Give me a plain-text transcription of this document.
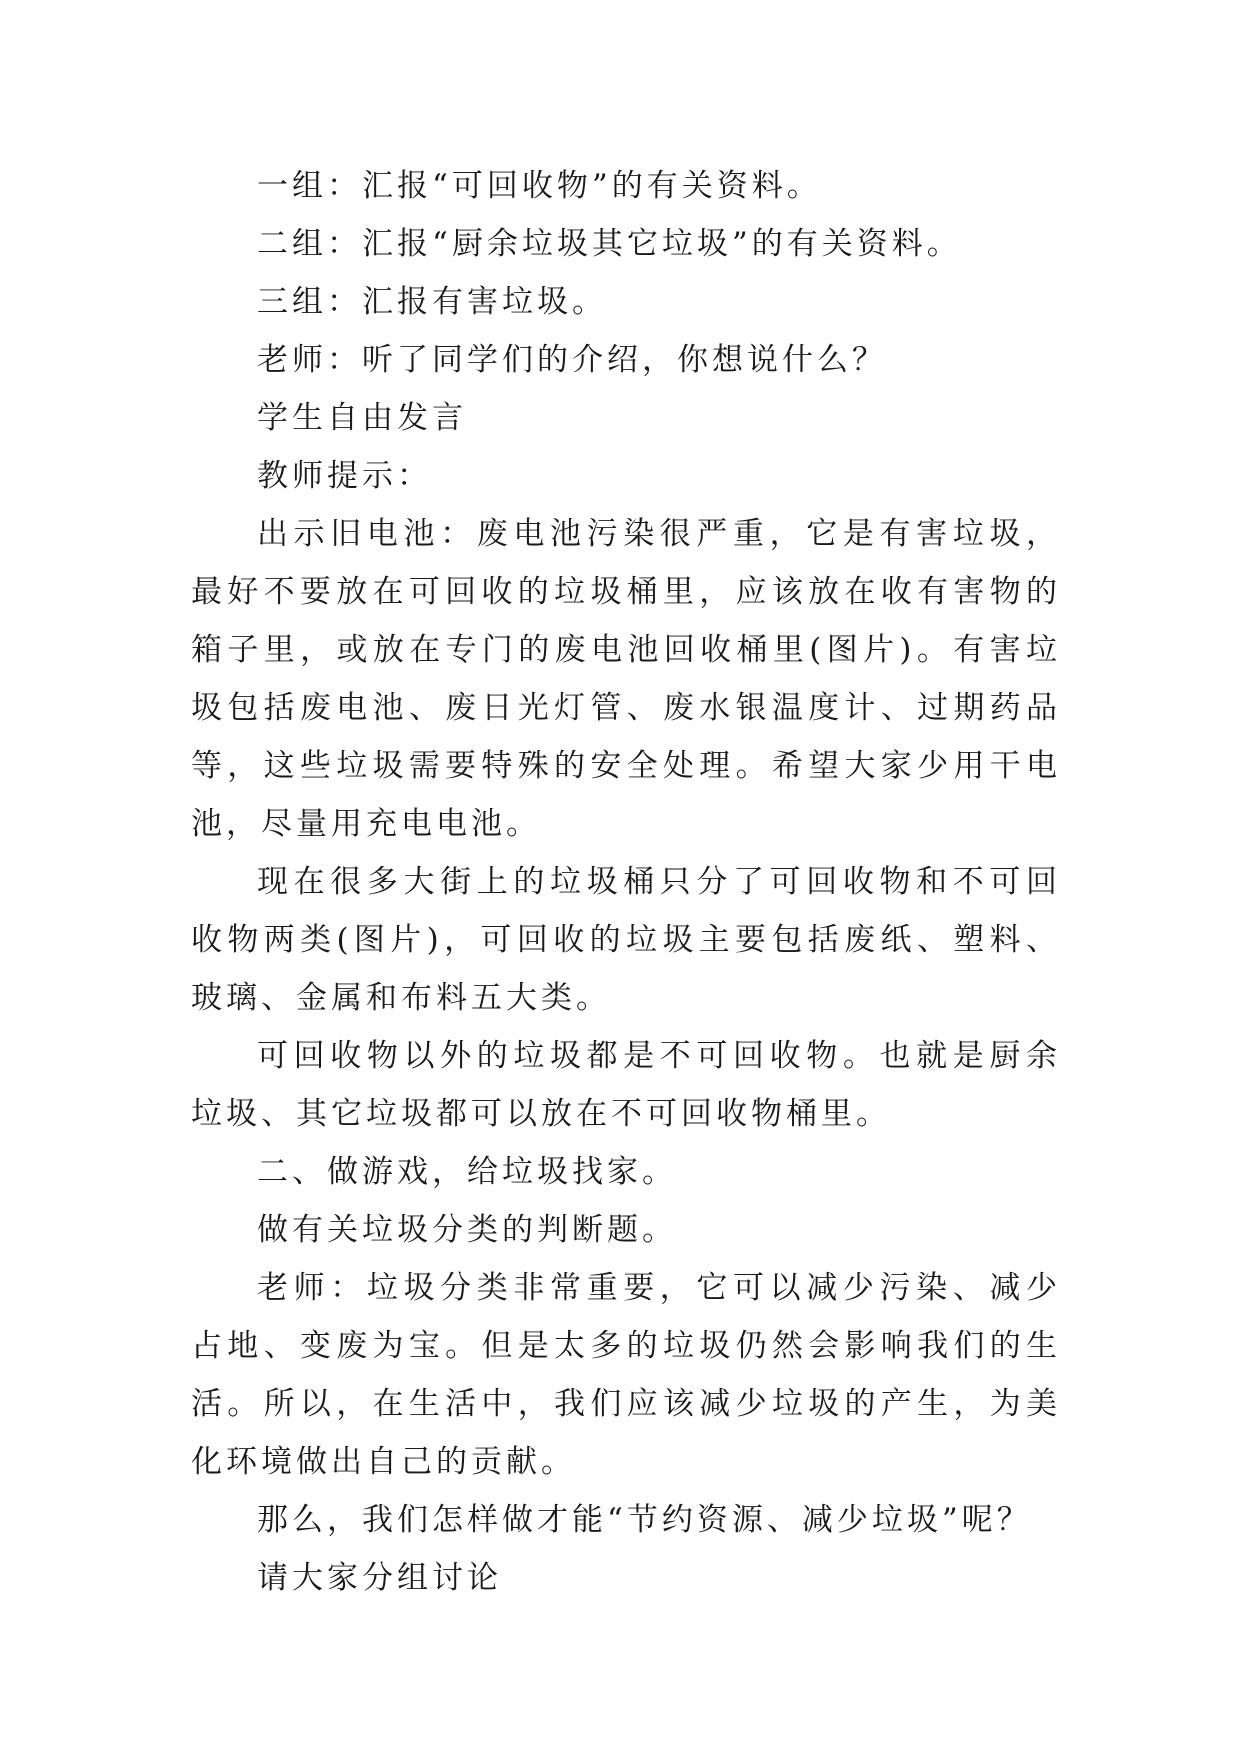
一组：汇报“可回收物”的有关资料。

二组：汇报“厨余垃圾其它垃圾”的有关资料。

三组：汇报有害垃圾。

老师：听了同学们的介绍，你想说什么？

学生自由发言

教师提示：

出示旧电池：废电池污染很严重，它是有害垃圾，最好不要放在可回收的垃圾桶里，应该放在收有害物的箱子里，或放在专门的废电池回收桶里(图片)。有害垃圾包括废电池、废日光灯管、废水银温度计、过期药品等，这些垃圾需要特殊的安全处理。希望大家少用干电池，尽量用充电电池。

现在很多大街上的垃圾桶只分了可回收物和不可回收物两类(图片)，可回收的垃圾主要包括废纸、塑料、玻璃、金属和布料五大类。

可回收物以外的垃圾都是不可回收物。也就是厨余垃圾、其它垃圾都可以放在不可回收物桶里。

二、做游戏，给垃圾找家。

做有关垃圾分类的判断题。

老师：垃圾分类非常重要，它可以减少污染、减少占地、变废为宝。但是太多的垃圾仍然会影响我们的生活。所以，在生活中，我们应该减少垃圾的产生，为美化环境做出自己的贡献。

那么，我们怎样做才能“节约资源、减少垃圾”呢？

请大家分组讨论
